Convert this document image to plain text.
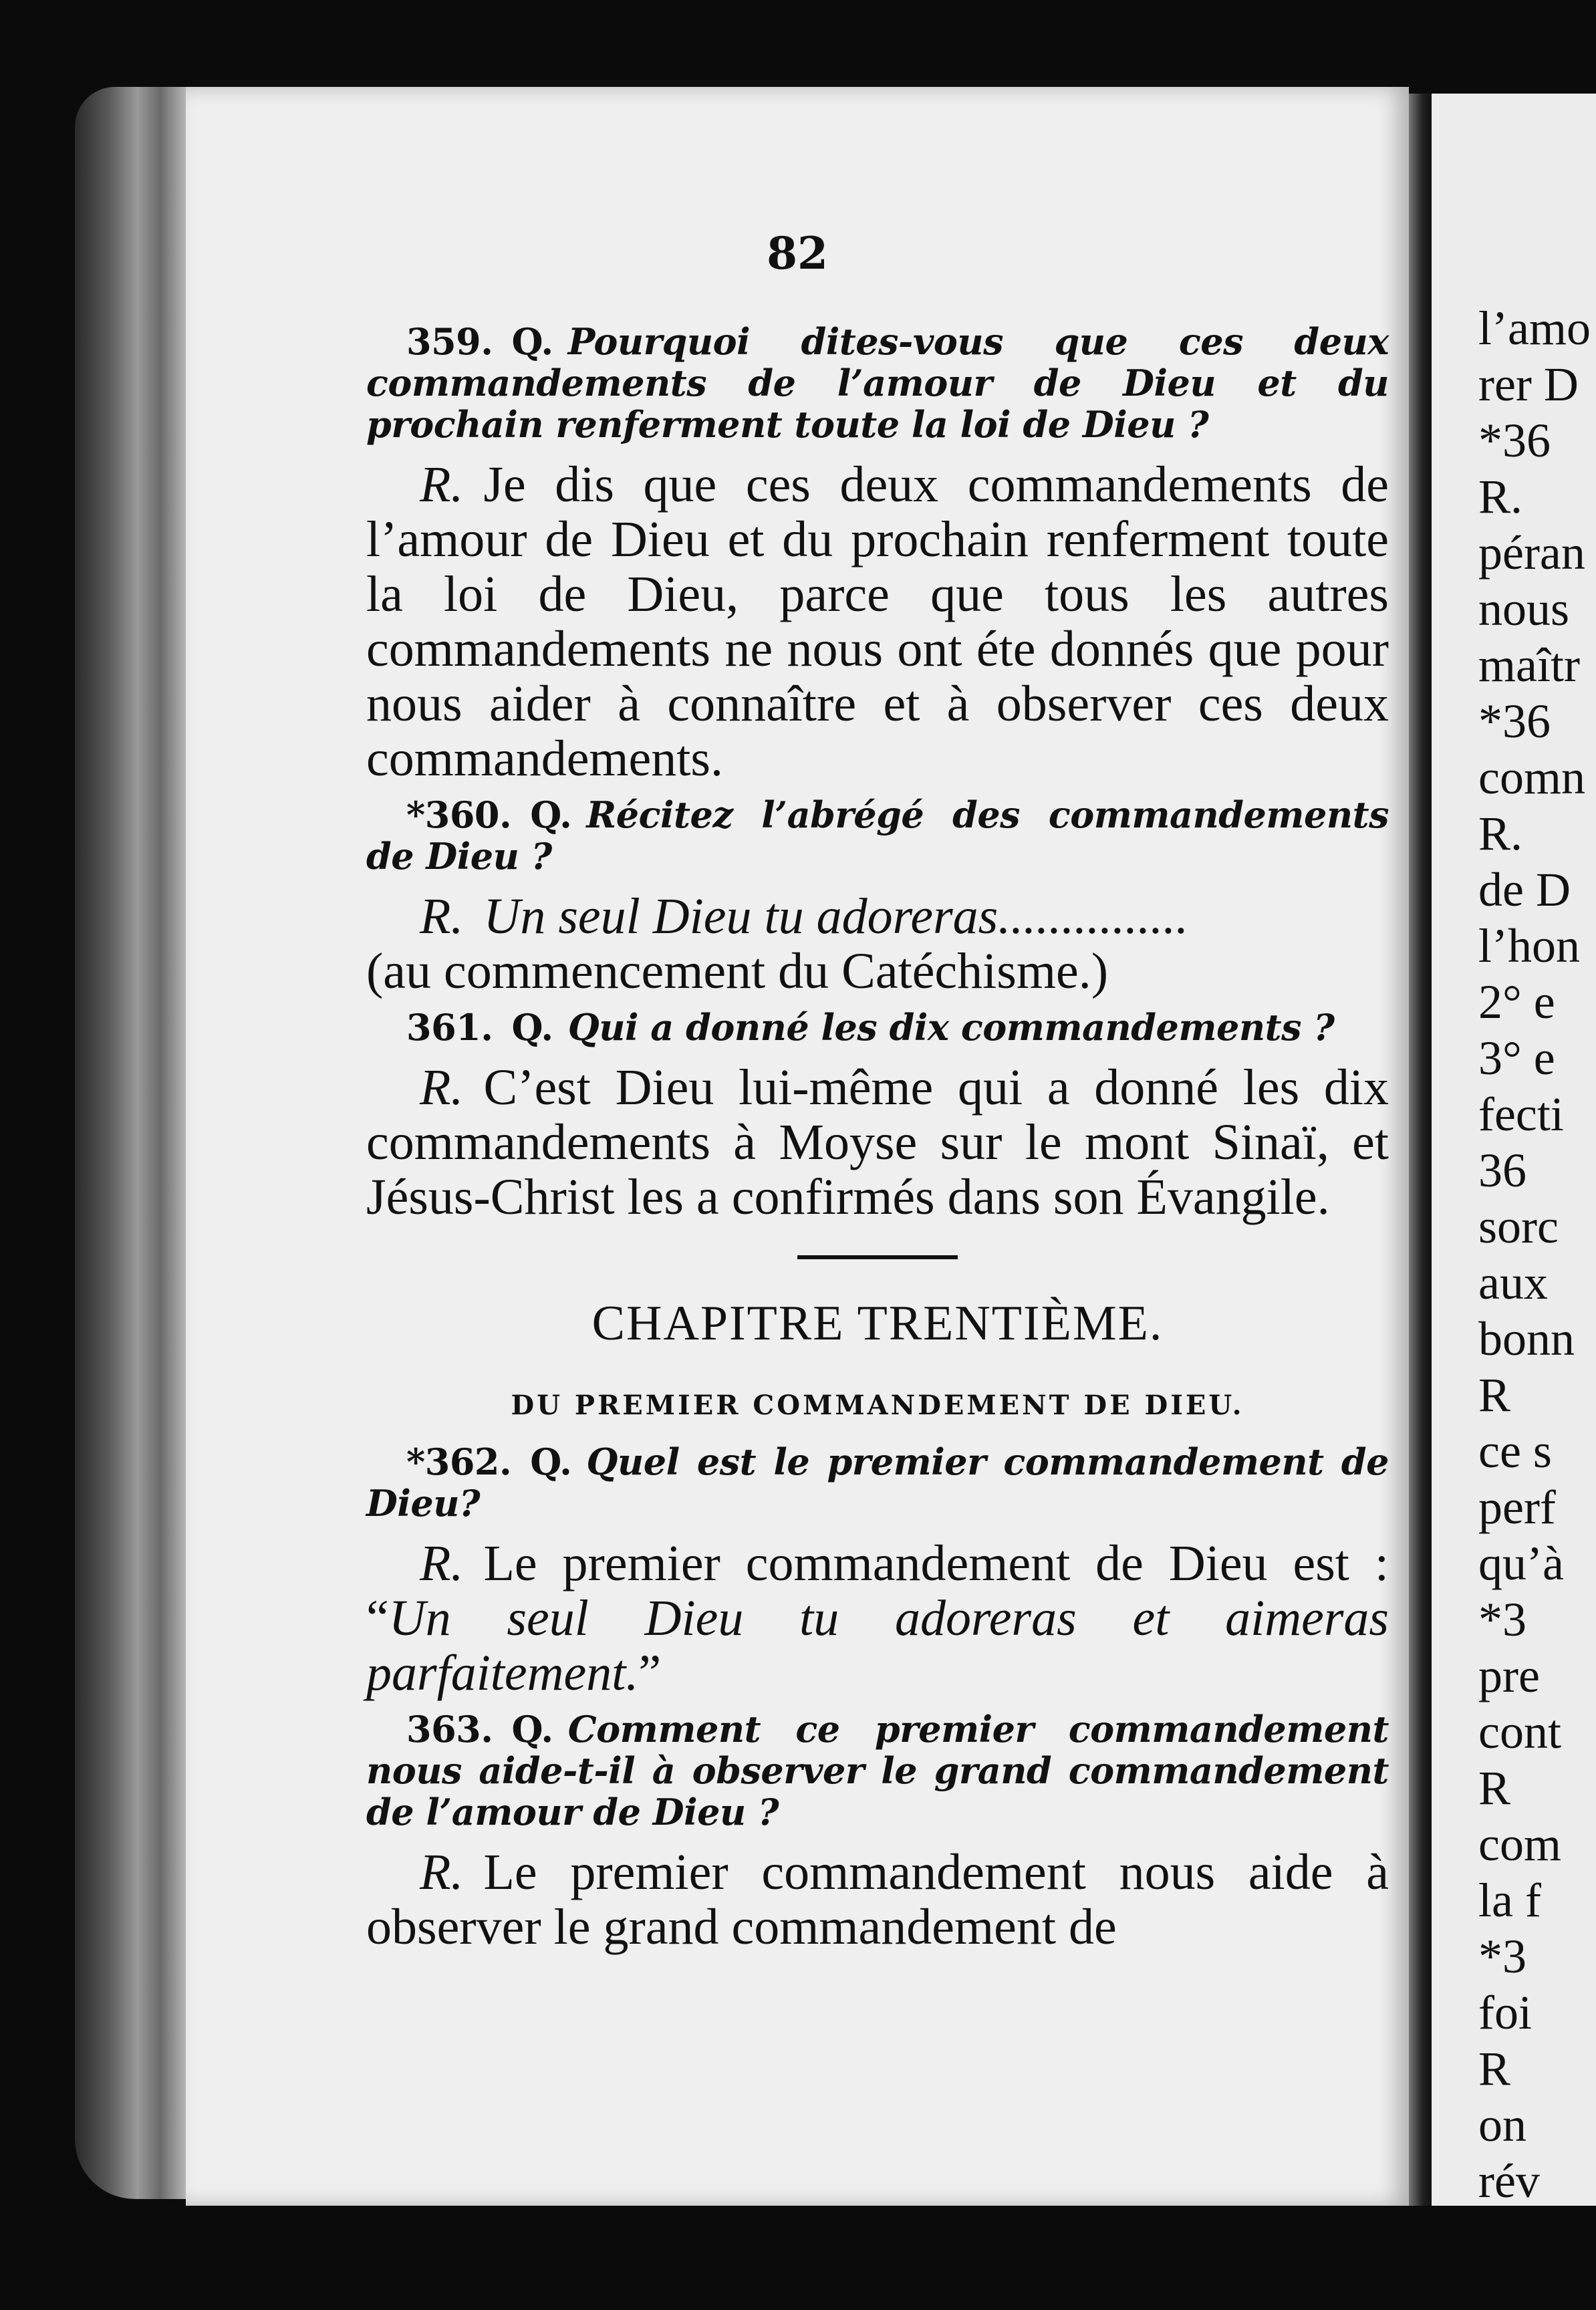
82
l’amo
rer D
*36
R.
péran
nous
maîtr
*36
comn
R.
de D
l’hon
2° e
3° e
fecti
36
sorc
aux
bonn
R
ce s
perf
qu’à
*3
pre
cont
R
com
la f
*3
foi
R
on
rév

359. Q. Pourquoi dites-vous que ces deux commandements de l’amour de Dieu et du prochain renferment toute la loi de Dieu ?

R. Je dis que ces deux commandements de l’amour de Dieu et du prochain renferment toute la loi de Dieu, parce que tous les autres commandements ne nous ont éte donnés que pour nous aider à connaître et à observer ces deux commandements.

*360. Q. Récitez l’abrégé des commandements de Dieu ?

R. Un seul Dieu tu adoreras...............
(au commencement du Catéchisme.)

361. Q. Qui a donné les dix commandements ?

R. C’est Dieu lui-même qui a donné les dix commandements à Moyse sur le mont Sinaï, et Jésus-Christ les a confirmés dans son Évangile.

CHAPITRE TRENTIÈME.
DU PREMIER COMMANDEMENT DE DIEU.

*362. Q. Quel est le premier commandement de Dieu?

R. Le premier commandement de Dieu est : “Un seul Dieu tu adoreras et aimeras parfaitement.”

363. Q. Comment ce premier commandement nous aide-t-il à observer le grand commandement de l’amour de Dieu ?

R. Le premier commandement nous aide à observer le grand commandement de
